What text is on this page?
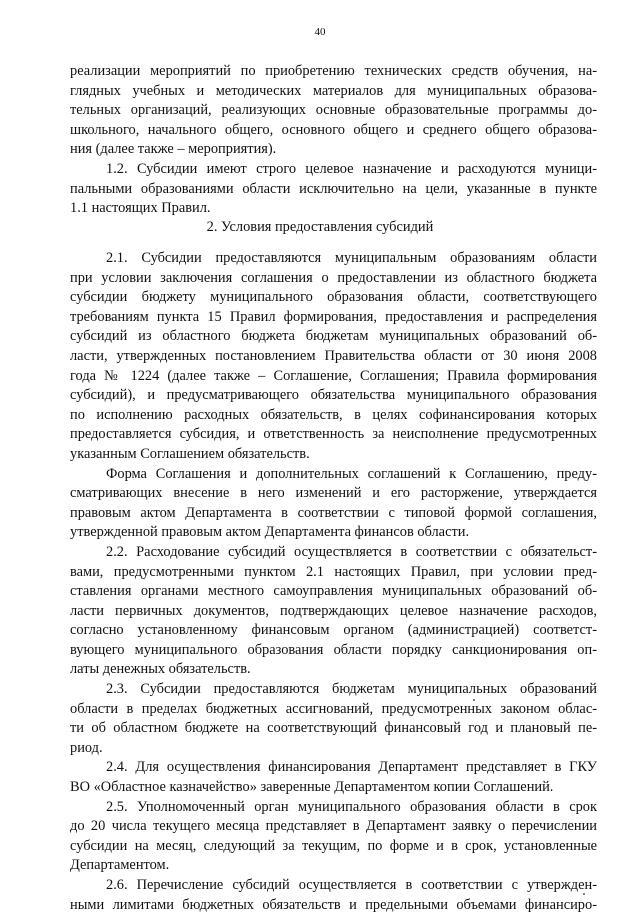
40
реализации мероприятий по приобретению технических средств обучения, на-
глядных учебных и методических материалов для муниципальных образова-
тельных организаций, реализующих основные образовательные программы до-
школьного, начального общего, основного общего и среднего общего образова-
ния (далее также – мероприятия).
1.2. Субсидии имеют строго целевое назначение и расходуются муници-
пальными образованиями области исключительно на цели, указанные в пункте
1.1 настоящих Правил.
2. Условия предоставления субсидий
2.1. Субсидии предоставляются муниципальным образованиям области
при условии заключения соглашения о предоставлении из областного бюджета
субсидии бюджету муниципального образования области, соответствующего
требованиям пункта 15 Правил формирования, предоставления и распределения
субсидий из областного бюджета бюджетам муниципальных образований об-
ласти, утвержденных постановлением Правительства области от 30 июня 2008
года № 1224 (далее также – Соглашение, Соглашения; Правила формирования
субсидий), и предусматривающего обязательства муниципального образования
по исполнению расходных обязательств, в целях софинансирования которых
предоставляется субсидия, и ответственность за неисполнение предусмотренных
указанным Соглашением обязательств.
Форма Соглашения и дополнительных соглашений к Соглашению, преду-
сматривающих внесение в него изменений и его расторжение, утверждается
правовым актом Департамента в соответствии с типовой формой соглашения,
утвержденной правовым актом Департамента финансов области.
2.2. Расходование субсидий осуществляется в соответствии с обязательст-
вами, предусмотренными пунктом 2.1 настоящих Правил, при условии пред-
ставления органами местного самоуправления муниципальных образований об-
ласти первичных документов, подтверждающих целевое назначение расходов,
согласно установленному финансовым органом (администрацией) соответст-
вующего муниципального образования области порядку санкционирования оп-
латы денежных обязательств.
2.3. Субсидии предоставляются бюджетам муниципальных образований
области в пределах бюджетных ассигнований, предусмотренных законом облас-
ти об областном бюджете на соответствующий финансовый год и плановый пе-
риод.
2.4. Для осуществления финансирования Департамент представляет в ГКУ
ВО «Областное казначейство» заверенные Департаментом копии Соглашений.
2.5. Уполномоченный орган муниципального образования области в срок
до 20 числа текущего месяца представляет в Департамент заявку о перечислении
субсидии на месяц, следующий за текущим, по форме и в срок, установленные
Департаментом.
2.6. Перечисление субсидий осуществляется в соответствии с утвержден-
ными лимитами бюджетных обязательств и предельными объемами финансиро-
